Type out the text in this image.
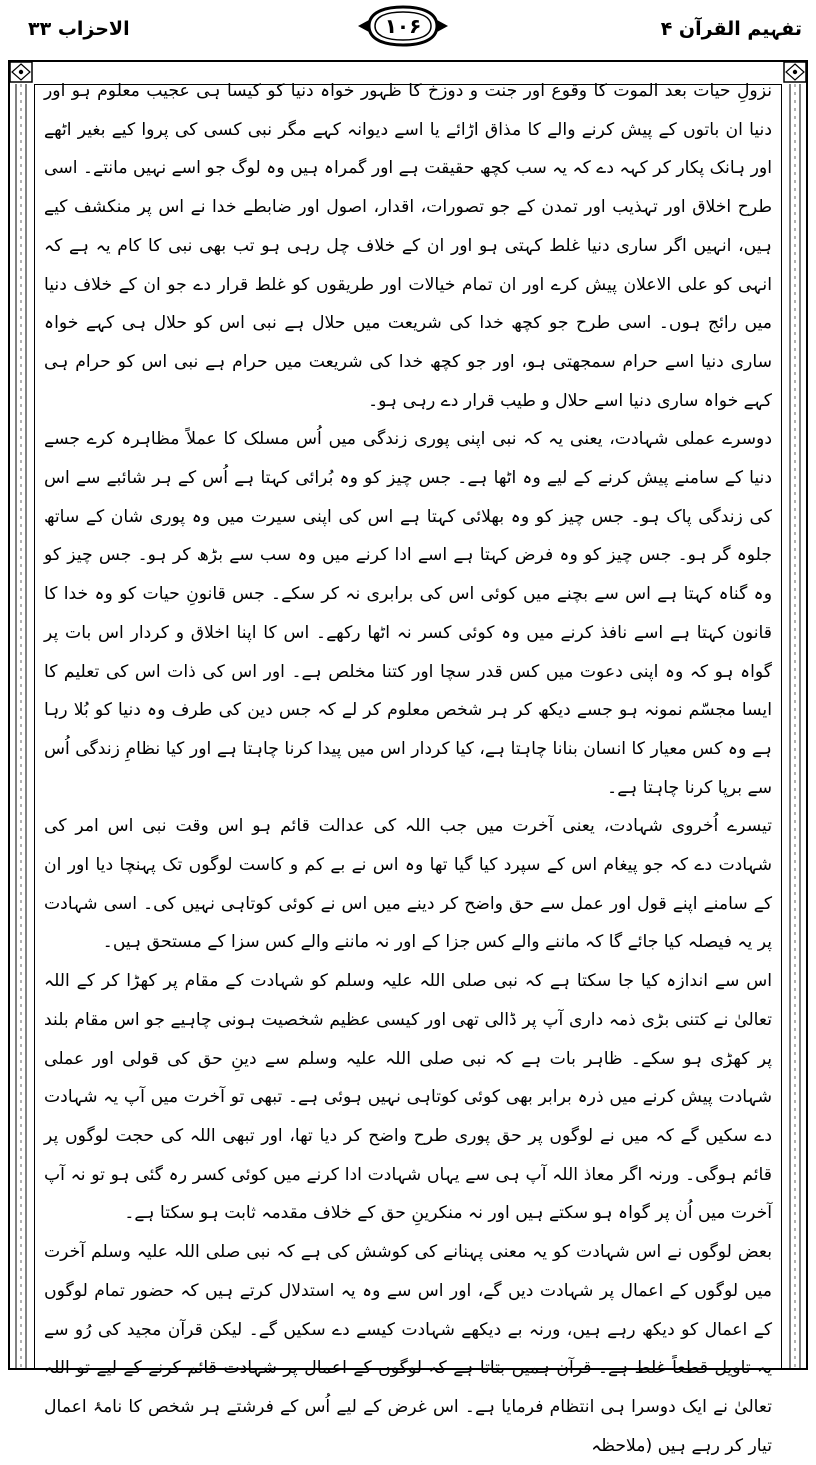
تفہیم القرآن ۴
۱۰۶
الاحزاب ۳۳

نزولِ حیات بعد الموت کا وقوع اور جنت و دوزخ کا ظہور خواہ دنیا کو کیسا ہی عجیب معلوم ہو اور دنیا ان باتوں کے پیش کرنے والے کا مذاق اڑائے یا اسے دیوانہ کہے مگر نبی کسی کی پروا کیے بغیر اٹھے اور ہانک پکار کر کہہ دے کہ یہ سب کچھ حقیقت ہے اور گمراہ ہیں وہ لوگ جو اسے نہیں مانتے۔ اسی طرح اخلاق اور تہذیب اور تمدن کے جو تصورات، اقدار، اصول اور ضابطے خدا نے اس پر منکشف کیے ہیں، انہیں اگر ساری دنیا غلط کہتی ہو اور ان کے خلاف چل رہی ہو تب بھی نبی کا کام یہ ہے کہ انہی کو علی الاعلان پیش کرے اور ان تمام خیالات اور طریقوں کو غلط قرار دے جو ان کے خلاف دنیا میں رائج ہوں۔ اسی طرح جو کچھ خدا کی شریعت میں حلال ہے نبی اس کو حلال ہی کہے خواہ ساری دنیا اسے حرام سمجھتی ہو، اور جو کچھ خدا کی شریعت میں حرام ہے نبی اس کو حرام ہی کہے خواہ ساری دنیا اسے حلال و طیب قرار دے رہی ہو۔

دوسرے عملی شہادت، یعنی یہ کہ نبی اپنی پوری زندگی میں اُس مسلک کا عملاً مظاہرہ کرے جسے دنیا کے سامنے پیش کرنے کے لیے وہ اٹھا ہے۔ جس چیز کو وہ بُرائی کہتا ہے اُس کے ہر شائبے سے اس کی زندگی پاک ہو۔ جس چیز کو وہ بھلائی کہتا ہے اس کی اپنی سیرت میں وہ پوری شان کے ساتھ جلوہ گر ہو۔ جس چیز کو وہ فرض کہتا ہے اسے ادا کرنے میں وہ سب سے بڑھ کر ہو۔ جس چیز کو وہ گناہ کہتا ہے اس سے بچنے میں کوئی اس کی برابری نہ کر سکے۔ جس قانونِ حیات کو وہ خدا کا قانون کہتا ہے اسے نافذ کرنے میں وہ کوئی کسر نہ اٹھا رکھے۔ اس کا اپنا اخلاق و کردار اس بات پر گواہ ہو کہ وہ اپنی دعوت میں کس قدر سچا اور کتنا مخلص ہے۔ اور اس کی ذات اس کی تعلیم کا ایسا مجسّم نمونہ ہو جسے دیکھ کر ہر شخص معلوم کر لے کہ جس دین کی طرف وہ دنیا کو بُلا رہا ہے وہ کس معیار کا انسان بنانا چاہتا ہے، کیا کردار اس میں پیدا کرنا چاہتا ہے اور کیا نظامِ زندگی اُس سے برپا کرنا چاہتا ہے۔

تیسرے اُخروی شہادت، یعنی آخرت میں جب اللہ کی عدالت قائم ہو اس وقت نبی اس امر کی شہادت دے کہ جو پیغام اس کے سپرد کیا گیا تھا وہ اس نے بے کم و کاست لوگوں تک پہنچا دیا اور ان کے سامنے اپنے قول اور عمل سے حق واضح کر دینے میں اس نے کوئی کوتاہی نہیں کی۔ اسی شہادت پر یہ فیصلہ کیا جائے گا کہ ماننے والے کس جزا کے اور نہ ماننے والے کس سزا کے مستحق ہیں۔

اس سے اندازہ کیا جا سکتا ہے کہ نبی صلی اللہ علیہ وسلم کو شہادت کے مقام پر کھڑا کر کے اللہ تعالیٰ نے کتنی بڑی ذمہ داری آپ پر ڈالی تھی اور کیسی عظیم شخصیت ہونی چاہیے جو اس مقام بلند پر کھڑی ہو سکے۔ ظاہر بات ہے کہ نبی صلی اللہ علیہ وسلم سے دینِ حق کی قولی اور عملی شہادت پیش کرنے میں ذرہ برابر بھی کوئی کوتاہی نہیں ہوئی ہے۔ تبھی تو آخرت میں آپ یہ شہادت دے سکیں گے کہ میں نے لوگوں پر حق پوری طرح واضح کر دیا تھا، اور تبھی اللہ کی حجت لوگوں پر قائم ہوگی۔ ورنہ اگر معاذ اللہ آپ ہی سے یہاں شہادت ادا کرنے میں کوئی کسر رہ گئی ہو تو نہ آپ آخرت میں اُن پر گواہ ہو سکتے ہیں اور نہ منکرینِ حق کے خلاف مقدمہ ثابت ہو سکتا ہے۔

بعض لوگوں نے اس شہادت کو یہ معنی پہنانے کی کوشش کی ہے کہ نبی صلی اللہ علیہ وسلم آخرت میں لوگوں کے اعمال پر شہادت دیں گے، اور اس سے وہ یہ استدلال کرتے ہیں کہ حضور تمام لوگوں کے اعمال کو دیکھ رہے ہیں، ورنہ بے دیکھے شہادت کیسے دے سکیں گے۔ لیکن قرآن مجید کی رُو سے یہ تاویل قطعاً غلط ہے۔ قرآن ہمیں بتاتا ہے کہ لوگوں کے اعمال پر شہادت قائم کرنے کے لیے تو اللہ تعالیٰ نے ایک دوسرا ہی انتظام فرمایا ہے۔ اس غرض کے لیے اُس کے فرشتے ہر شخص کا نامۂ اعمال تیار کر رہے ہیں (ملاحظہ
